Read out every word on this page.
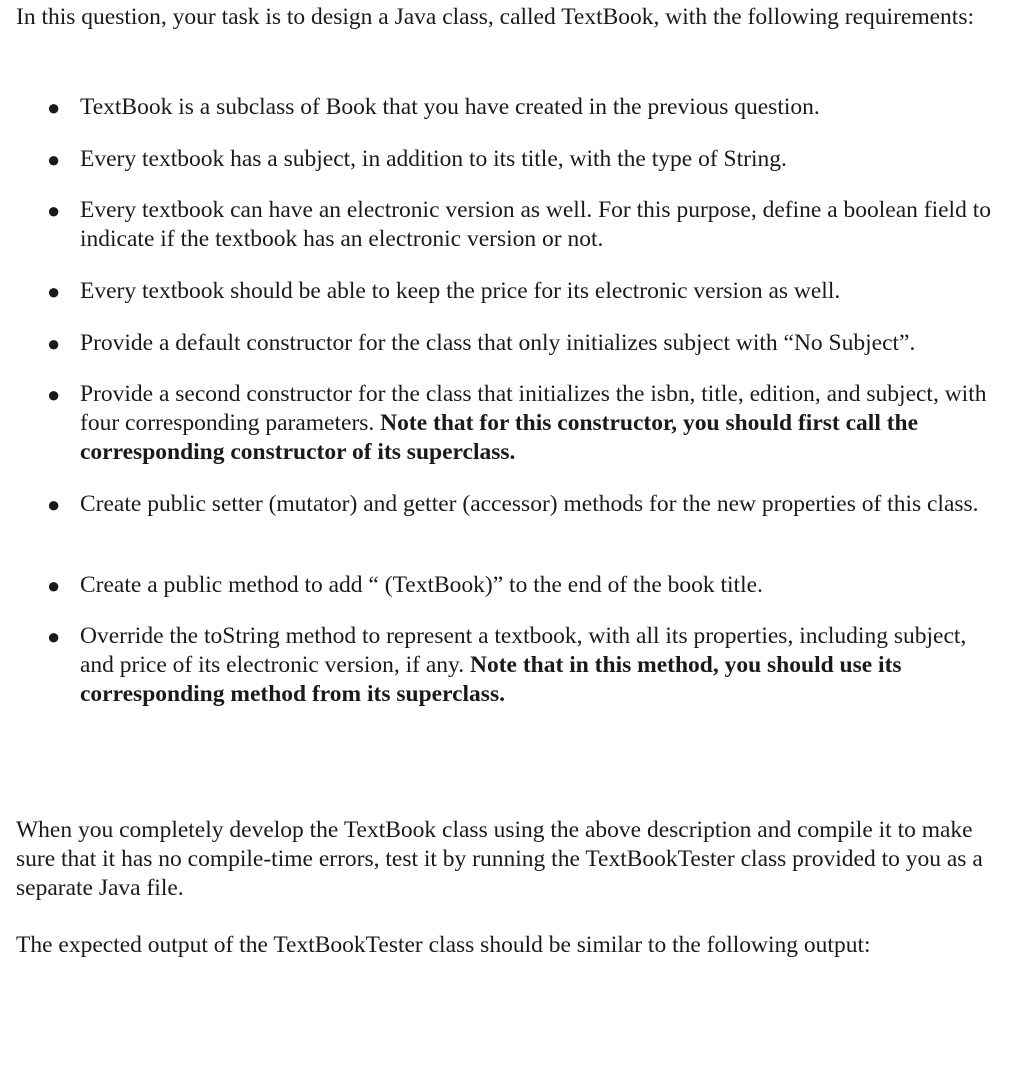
In this question, your task is to design a Java class, called TextBook, with the following requirements:

● TextBook is a subclass of Book that you have created in the previous question.
● Every textbook has a subject, in addition to its title, with the type of String.
● Every textbook can have an electronic version as well. For this purpose, define a boolean field to indicate if the textbook has an electronic version or not.
● Every textbook should be able to keep the price for its electronic version as well.
● Provide a default constructor for the class that only initializes subject with “No Subject”.
● Provide a second constructor for the class that initializes the isbn, title, edition, and subject, with four corresponding parameters. Note that for this constructor, you should first call the corresponding constructor of its superclass.
● Create public setter (mutator) and getter (accessor) methods for the new properties of this class.
● Create a public method to add “ (TextBook)” to the end of the book title.
● Override the toString method to represent a textbook, with all its properties, including subject, and price of its electronic version, if any. Note that in this method, you should use its corresponding method from its superclass.

When you completely develop the TextBook class using the above description and compile it to make sure that it has no compile-time errors, test it by running the TextBookTester class provided to you as a separate Java file.

The expected output of the TextBookTester class should be similar to the following output:
